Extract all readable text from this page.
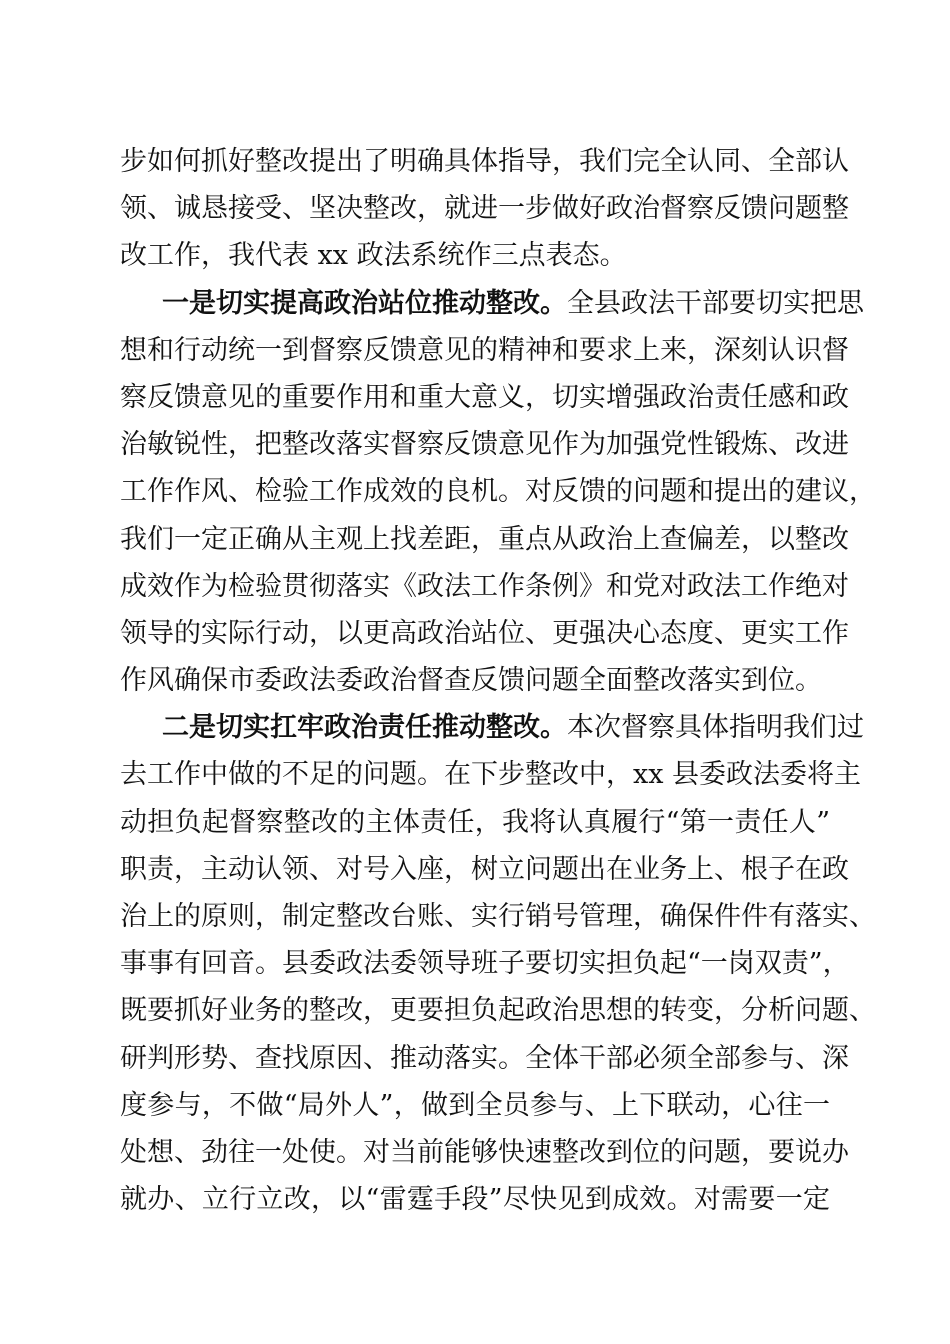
步如何抓好整改提出了明确具体指导，我们完全认同、全部认
领、诚恳接受、坚决整改，就进一步做好政治督察反馈问题整
改工作，我代表 xx 政法系统作三点表态。
一是切实提高政治站位推动整改。全县政法干部要切实把思
想和行动统一到督察反馈意见的精神和要求上来，深刻认识督
察反馈意见的重要作用和重大意义，切实增强政治责任感和政
治敏锐性，把整改落实督察反馈意见作为加强党性锻炼、改进
工作作风、检验工作成效的良机。对反馈的问题和提出的建议，
我们一定正确从主观上找差距，重点从政治上查偏差，以整改
成效作为检验贯彻落实《政法工作条例》和党对政法工作绝对
领导的实际行动，以更高政治站位、更强决心态度、更实工作
作风确保市委政法委政治督查反馈问题全面整改落实到位。
二是切实扛牢政治责任推动整改。本次督察具体指明我们过
去工作中做的不足的问题。在下步整改中，xx 县委政法委将主
动担负起督察整改的主体责任，我将认真履行“第一责任人”
职责，主动认领、对号入座，树立问题出在业务上、根子在政
治上的原则，制定整改台账、实行销号管理，确保件件有落实、
事事有回音。县委政法委领导班子要切实担负起“一岗双责”，
既要抓好业务的整改，更要担负起政治思想的转变，分析问题、
研判形势、查找原因、推动落实。全体干部必须全部参与、深
度参与，不做“局外人”，做到全员参与、上下联动，心往一
处想、劲往一处使。对当前能够快速整改到位的问题，要说办
就办、立行立改，以“雷霆手段”尽快见到成效。对需要一定
